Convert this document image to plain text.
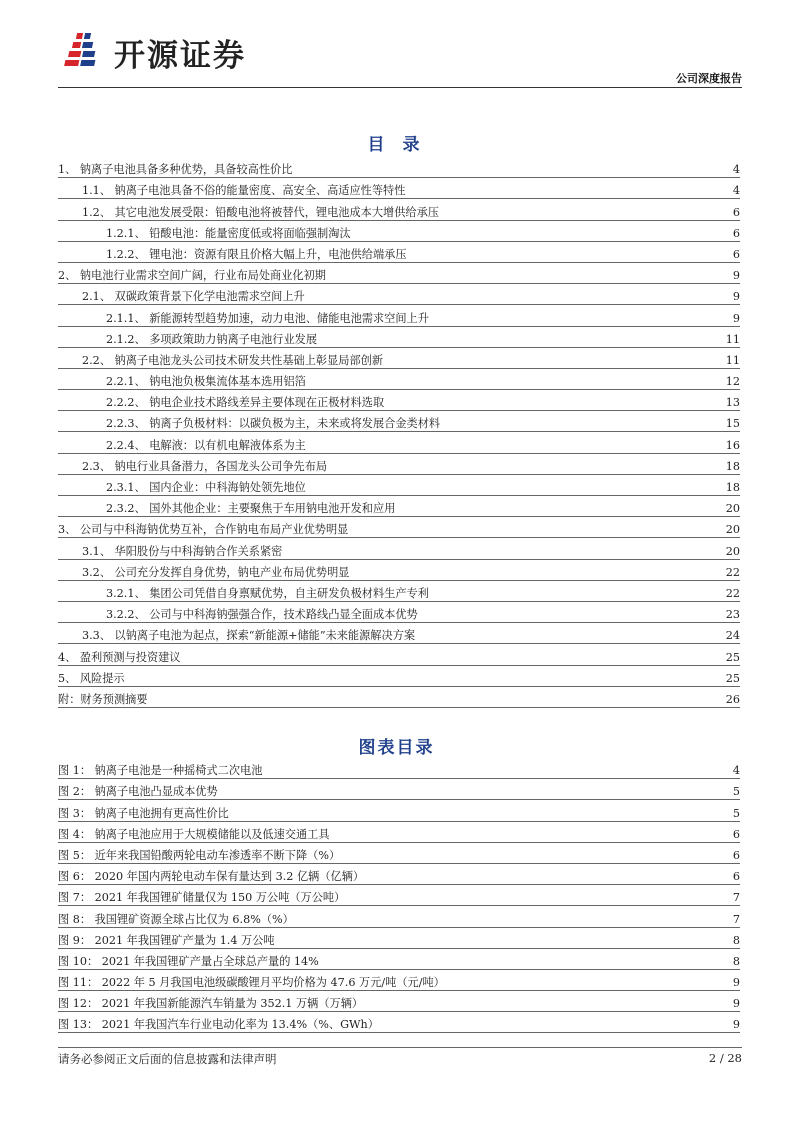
开源证券
公司深度报告
目 录
1、 钠离子电池具备多种优势，具备较高性价比	4
1.1、 钠离子电池具备不俗的能量密度、高安全、高适应性等特性	4
1.2、 其它电池发展受限：铅酸电池将被替代，锂电池成本大增供给承压	6
1.2.1、 铅酸电池：能量密度低或将面临强制淘汰	6
1.2.2、 锂电池：资源有限且价格大幅上升，电池供给端承压	6
2、 钠电池行业需求空间广阔，行业布局处商业化初期	9
2.1、 双碳政策背景下化学电池需求空间上升	9
2.1.1、 新能源转型趋势加速，动力电池、储能电池需求空间上升	9
2.1.2、 多项政策助力钠离子电池行业发展	11
2.2、 钠离子电池龙头公司技术研发共性基础上彰显局部创新	11
2.2.1、 钠电池负极集流体基本选用铝箔	12
2.2.2、 钠电企业技术路线差异主要体现在正极材料选取	13
2.2.3、 钠离子负极材料：以碳负极为主，未来或将发展合金类材料	15
2.2.4、 电解液：以有机电解液体系为主	16
2.3、 钠电行业具备潜力，各国龙头公司争先布局	18
2.3.1、 国内企业：中科海钠处领先地位	18
2.3.2、 国外其他企业：主要聚焦于车用钠电池开发和应用	20
3、 公司与中科海钠优势互补，合作钠电布局产业优势明显	20
3.1、 华阳股份与中科海钠合作关系紧密	20
3.2、 公司充分发挥自身优势，钠电产业布局优势明显	22
3.2.1、 集团公司凭借自身禀赋优势，自主研发负极材料生产专利	22
3.2.2、 公司与中科海钠强强合作，技术路线凸显全面成本优势	23
3.3、 以钠离子电池为起点，探索“新能源+储能”未来能源解决方案	24
4、 盈利预测与投资建议	25
5、 风险提示	25
附：财务预测摘要	26
图表目录
图 1： 钠离子电池是一种摇椅式二次电池	4
图 2： 钠离子电池凸显成本优势	5
图 3： 钠离子电池拥有更高性价比	5
图 4： 钠离子电池应用于大规模储能以及低速交通工具	6
图 5： 近年来我国铅酸两轮电动车渗透率不断下降（%）	6
图 6： 2020 年国内两轮电动车保有量达到 3.2 亿辆（亿辆）	6
图 7： 2021 年我国锂矿储量仅为 150 万公吨（万公吨）	7
图 8： 我国锂矿资源全球占比仅为 6.8%（%）	7
图 9： 2021 年我国锂矿产量为 1.4 万公吨	8
图 10： 2021 年我国锂矿产量占全球总产量的 14%	8
图 11： 2022 年 5 月我国电池级碳酸锂月平均价格为 47.6 万元/吨（元/吨）	9
图 12： 2021 年我国新能源汽车销量为 352.1 万辆（万辆）	9
图 13： 2021 年我国汽车行业电动化率为 13.4%（%、GWh）	9
请务必参阅正文后面的信息披露和法律声明	2 / 28
